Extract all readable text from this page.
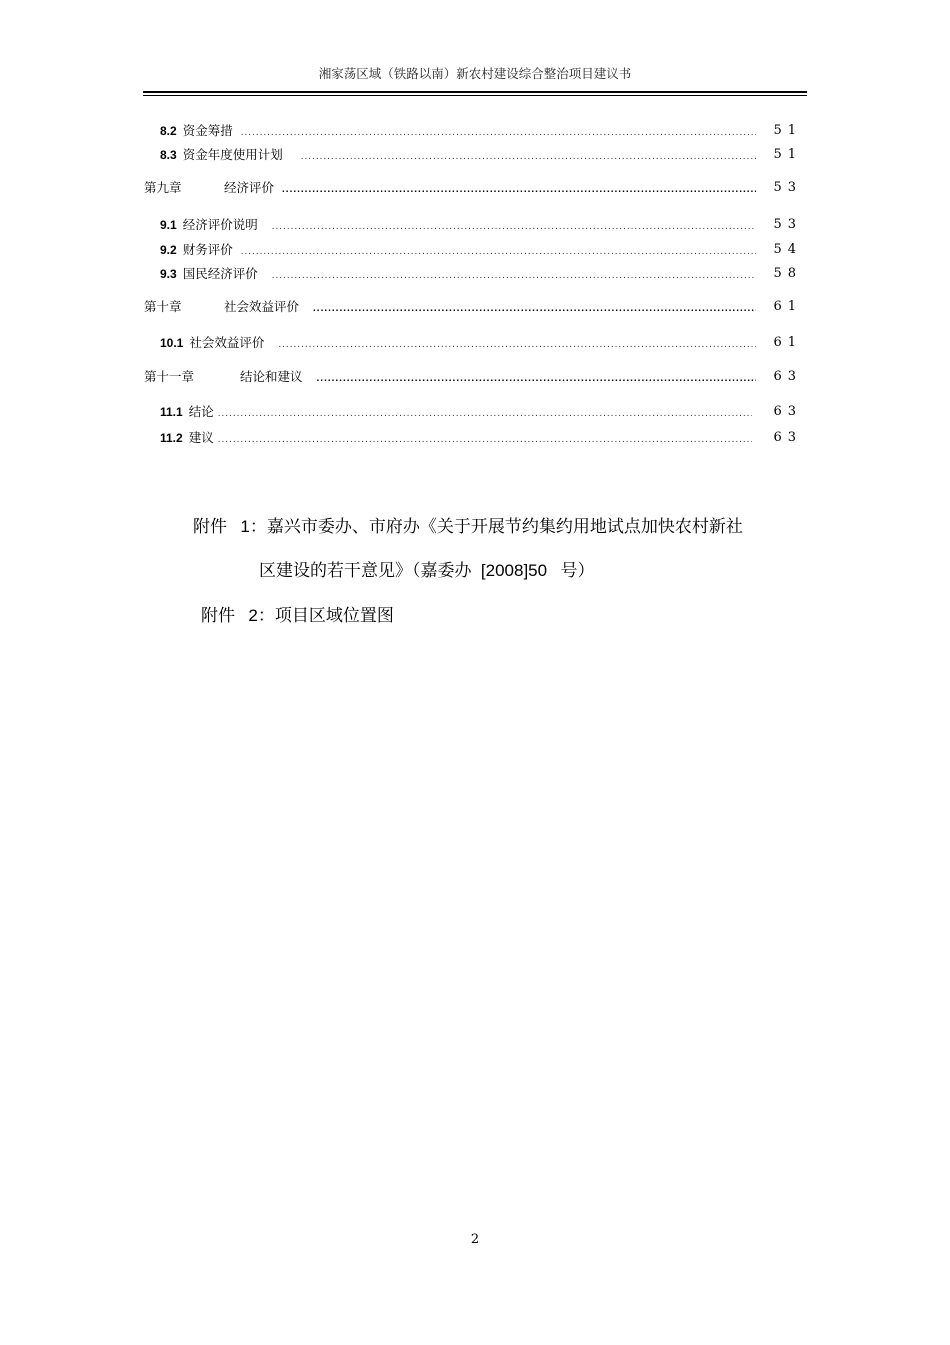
湘家荡区域（铁路以南）新农村建设综合整治项目建议书
8.2 资金筹措 .....	51
8.3 资金年度使用计划 .....	51
第九章	经济评价 .....	53
9.1 经济评价说明 .....	53
9.2 财务评价 .....	54
9.3 国民经济评价 .....	58
第十章	社会效益评价 .....	61
10.1 社会效益评价 .....	61
第十一章	结论和建议 .....	63
11.1 结论 .....	63
11.2 建议 .....	63
附件 1：嘉兴市委办、市府办《关于开展节约集约用地试点加快农村新社
区建设的若干意见》（嘉委办 [2008]50 号）
附件 2：项目区域位置图
2
